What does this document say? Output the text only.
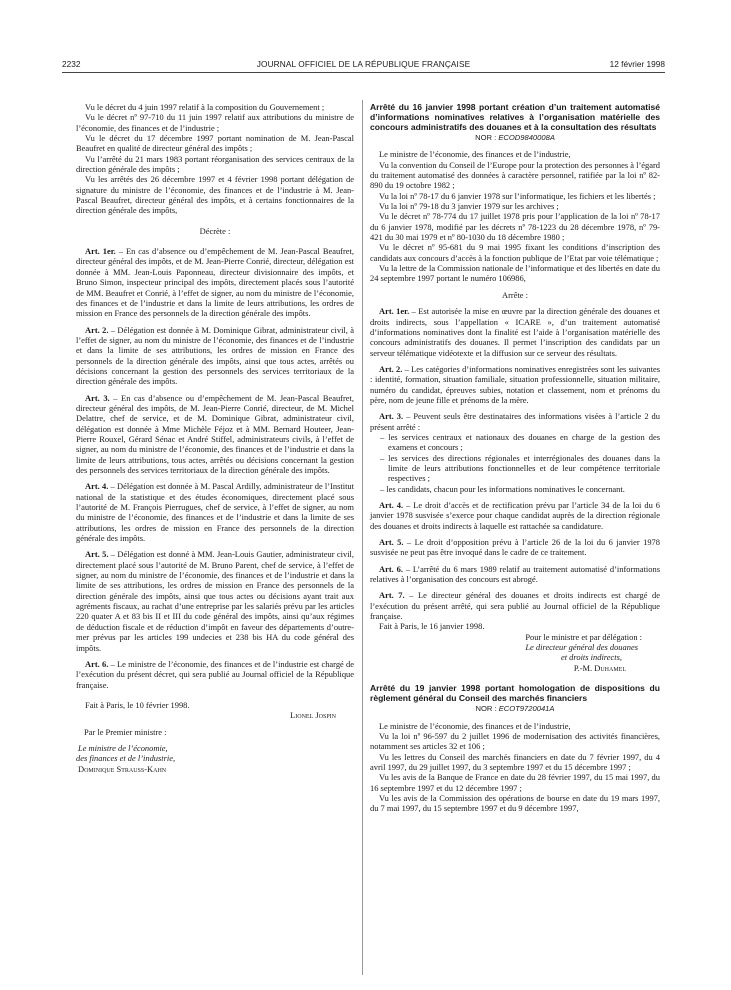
2232	JOURNAL OFFICIEL DE LA RÉPUBLIQUE FRANÇAISE	12 février 1998

Vu le décret du 4 juin 1997 relatif à la composition du Gouvernement ;

Vu le décret nº 97-710 du 11 juin 1997 relatif aux attributions du ministre de l’économie, des finances et de l’industrie ;

Vu le décret du 17 décembre 1997 portant nomination de M. Jean-Pascal Beaufret en qualité de directeur général des impôts ;

Vu l’arrêté du 21 mars 1983 portant réorganisation des services centraux de la direction générale des impôts ;

Vu les arrêtés des 26 décembre 1997 et 4 février 1998 portant délégation de signature du ministre de l’économie, des finances et de l’industrie à M. Jean-Pascal Beaufret, directeur général des impôts, et à certains fonctionnaires de la direction générale des impôts,

Décrète :

Art. 1er. – En cas d’absence ou d’empêchement de M. Jean-Pascal Beaufret, directeur général des impôts, et de M. Jean-Pierre Conrié, directeur, délégation est donnée à MM. Jean-Louis Paponneau, directeur divisionnaire des impôts, et Bruno Simon, inspecteur principal des impôts, directement placés sous l’autorité de MM. Beaufret et Conrié, à l’effet de signer, au nom du ministre de l’économie, des finances et de l’industrie et dans la limite de leurs attributions, les ordres de mission en France des personnels de la direction générale des impôts.

Art. 2. – Délégation est donnée à M. Dominique Gibrat, administrateur civil, à l’effet de signer, au nom du ministre de l’économie, des finances et de l’industrie et dans la limite de ses attributions, les ordres de mission en France des personnels de la direction générale des impôts, ainsi que tous actes, arrêtés ou décisions concernant la gestion des personnels des services territoriaux de la direction générale des impôts.

Art. 3. – En cas d’absence ou d’empêchement de M. Jean-Pascal Beaufret, directeur général des impôts, de M. Jean-Pierre Conrié, directeur, de M. Michel Delattre, chef de service, et de M. Dominique Gibrat, administrateur civil, délégation est donnée à Mme Michèle Féjoz et à MM. Bernard Houteer, Jean-Pierre Rouxel, Gérard Sénac et André Stiffel, administrateurs civils, à l’effet de signer, au nom du ministre de l’économie, des finances et de l’industrie et dans la limite de leurs attributions, tous actes, arrêtés ou décisions concernant la gestion des personnels des services territoriaux de la direction générale des impôts.

Art. 4. – Délégation est donnée à M. Pascal Ardilly, administrateur de l’Institut national de la statistique et des études économiques, directement placé sous l’autorité de M. François Pierrugues, chef de service, à l’effet de signer, au nom du ministre de l’économie, des finances et de l’industrie et dans la limite de ses attributions, les ordres de mission en France des personnels de la direction générale des impôts.

Art. 5. – Délégation est donné à MM. Jean-Louis Gautier, administrateur civil, directement placé sous l’autorité de M. Bruno Parent, chef de service, à l’effet de signer, au nom du ministre de l’économie, des finances et de l’industrie et dans la limite de ses attributions, les ordres de mission en France des personnels de la direction générale des impôts, ainsi que tous actes ou décisions ayant trait aux agréments fiscaux, au rachat d’une entreprise par les salariés prévu par les articles 220 quater A et 83 bis II et III du code général des impôts, ainsi qu’aux régimes de déduction fiscale et de réduction d’impôt en faveur des départements d’outre-mer prévus par les articles 199 undecies et 238 bis HA du code général des impôts.

Art. 6. – Le ministre de l’économie, des finances et de l’industrie est chargé de l’exécution du présent décret, qui sera publié au Journal officiel de la République française.

Fait à Paris, le 10 février 1998.

Lionel Jospin

Par le Premier ministre :

Le ministre de l’économie,

des finances et de l’industrie,

Dominique Strauss-Kahn

Arrêté du 16 janvier 1998 portant création d’un traitement automatisé d’informations nominatives relatives à l’organisation matérielle des concours administratifs des douanes et à la consultation des résultats

NOR : ECOD9840008A

Le ministre de l’économie, des finances et de l’industrie,

Vu la convention du Conseil de l’Europe pour la protection des personnes à l’égard du traitement automatisé des données à caractère personnel, ratifiée par la loi nº 82-890 du 19 octobre 1982 ;

Vu la loi nº 78-17 du 6 janvier 1978 sur l’informatique, les fichiers et les libertés ;

Vu la loi nº 79-18 du 3 janvier 1979 sur les archives ;

Vu le décret nº 78-774 du 17 juillet 1978 pris pour l’application de la loi nº 78-17 du 6 janvier 1978, modifié par les décrets nº 78-1223 du 28 décembre 1978, nº 79-421 du 30 mai 1979 et nº 80-1030 du 18 décembre 1980 ;

Vu le décret nº 95-681 du 9 mai 1995 fixant les conditions d’inscription des candidats aux concours d’accès à la fonction publique de l’Etat par voie télématique ;

Vu la lettre de la Commission nationale de l’informatique et des libertés en date du 24 septembre 1997 portant le numéro 106986,

Arrête :

Art. 1er. – Est autorisée la mise en œuvre par la direction générale des douanes et droits indirects, sous l’appellation « ICARE », d’un traitement automatisé d’informations nominatives dont la finalité est l’aide à l’organisation matérielle des concours administratifs des douanes. Il permet l’inscription des candidats par un serveur télématique vidéotexte et la diffusion sur ce serveur des résultats.

Art. 2. – Les catégories d’informations nominatives enregistrées sont les suivantes : identité, formation, situation familiale, situation professionnelle, situation militaire, numéro du candidat, épreuves subies, notation et classement, nom et prénoms du père, nom de jeune fille et prénoms de la mère.

Art. 3. – Peuvent seuls être destinataires des informations visées à l’article 2 du présent arrêté :

– les services centraux et nationaux des douanes en charge de la gestion des examens et concours ;
– les services des directions régionales et interrégionales des douanes dans la limite de leurs attributions fonctionnelles et de leur compétence territoriale respectives ;
– les candidats, chacun pour les informations nominatives le concernant.

Art. 4. – Le droit d’accès et de rectification prévu par l’article 34 de la loi du 6 janvier 1978 susvisée s’exerce pour chaque candidat auprès de la direction régionale des douanes et droits indirects à laquelle est rattachée sa candidature.

Art. 5. – Le droit d’opposition prévu à l’article 26 de la loi du 6 janvier 1978 susvisée ne peut pas être invoqué dans le cadre de ce traitement.

Art. 6. – L’arrêté du 6 mars 1989 relatif au traitement automatisé d’informations relatives à l’organisation des concours est abrogé.

Art. 7. – Le directeur général des douanes et droits indirects est chargé de l’exécution du présent arrêté, qui sera publié au Journal officiel de la République française.

Fait à Paris, le 16 janvier 1998.

Pour le ministre et par délégation :

Le directeur général des douanes

et droits indirects,

P.-M. Duhamel

Arrêté du 19 janvier 1998 portant homologation de dispositions du règlement général du Conseil des marchés financiers

NOR : ECOT9720041A

Le ministre de l’économie, des finances et de l’industrie,

Vu la loi nº 96-597 du 2 juillet 1996 de modernisation des activités financières, notamment ses articles 32 et 106 ;

Vu les lettres du Conseil des marchés financiers en date du 7 février 1997, du 4 avril 1997, du 29 juillet 1997, du 3 septembre 1997 et du 15 décembre 1997 ;

Vu les avis de la Banque de France en date du 28 février 1997, du 15 mai 1997, du 16 septembre 1997 et du 12 décembre 1997 ;

Vu les avis de la Commission des opérations de bourse en date du 19 mars 1997, du 7 mai 1997, du 15 septembre 1997 et du 9 décembre 1997,
